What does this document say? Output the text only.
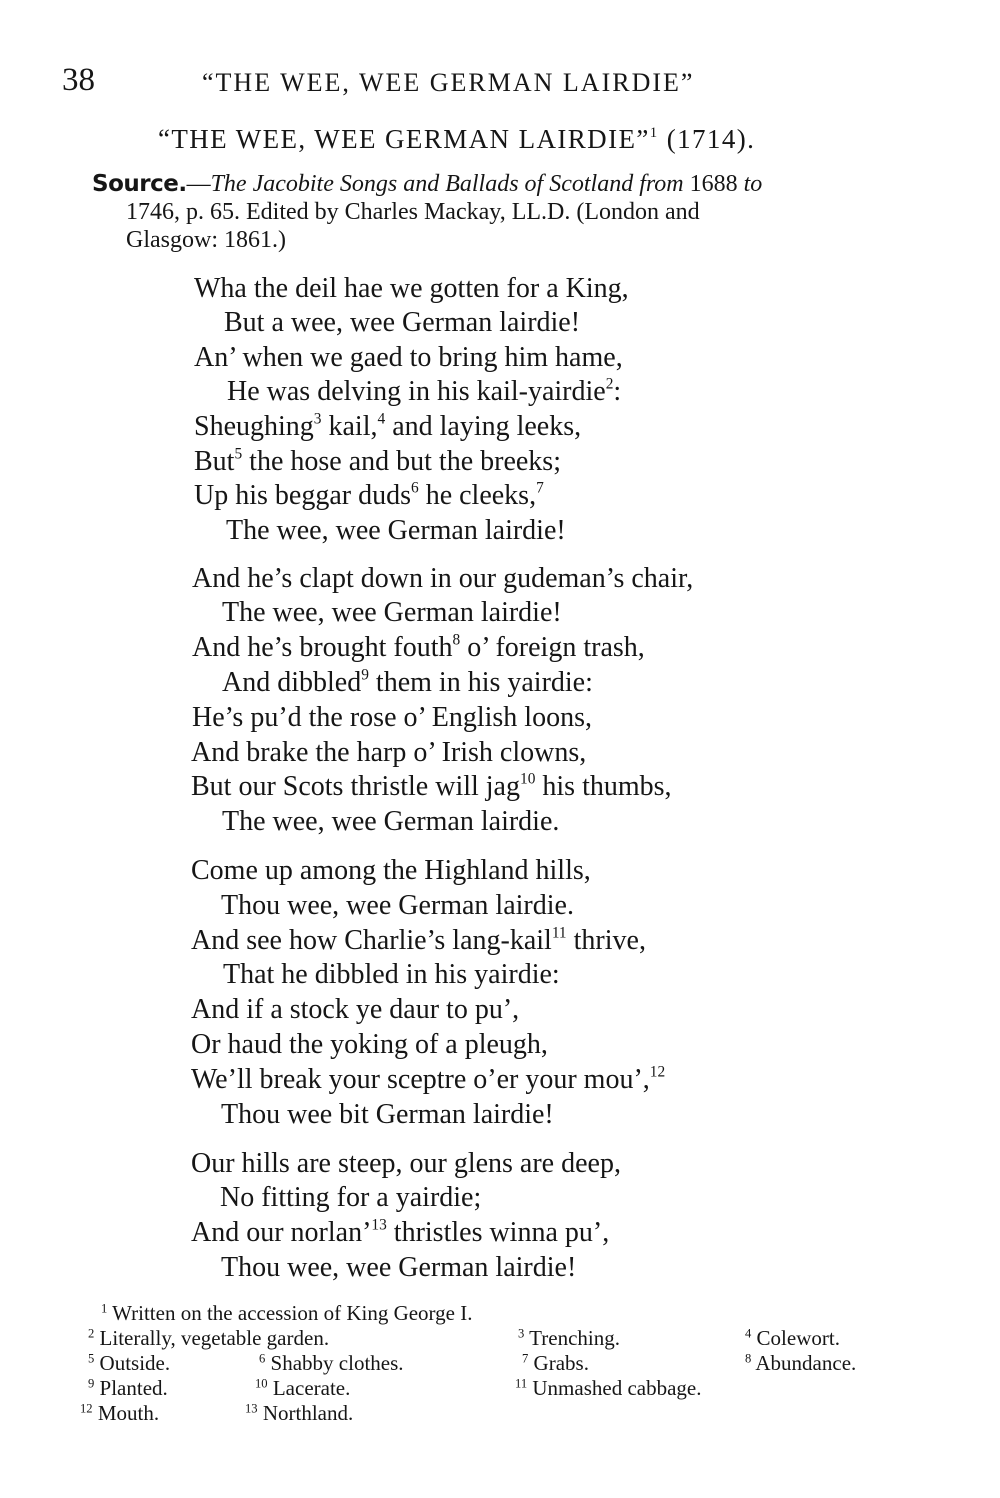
38	“THE WEE, WEE GERMAN LAIRDIE”
“THE WEE, WEE GERMAN LAIRDIE”$^1$ (1714).
Source.—The Jacobite Songs and Ballads of Scotland from 1688 to
1746, p. 65. Edited by Charles Mackay, LL.D. (London and
Glasgow: 1861.)
Wha the deil hae we gotten for a King,
But a wee, wee German lairdie!
An’ when we gaed to bring him hame,
He was delving in his kail-yairdie$^2$:
Sheughing$^3$ kail,$^4$ and laying leeks,
But$^5$ the hose and but the breeks;
Up his beggar duds$^6$ he cleeks,$^7$
The wee, wee German lairdie!
And he’s clapt down in our gudeman’s chair,
The wee, wee German lairdie!
And he’s brought fouth$^8$ o’ foreign trash,
And dibbled$^9$ them in his yairdie:
He’s pu’d the rose o’ English loons,
And brake the harp o’ Irish clowns,
But our Scots thristle will jag$^{10}$ his thumbs,
The wee, wee German lairdie.
Come up among the Highland hills,
Thou wee, wee German lairdie.
And see how Charlie’s lang-kail$^{11}$ thrive,
That he dibbled in his yairdie:
And if a stock ye daur to pu’,
Or haud the yoking of a pleugh,
We’ll break your sceptre o’er your mou’,$^{12}$
Thou wee bit German lairdie!
Our hills are steep, our glens are deep,
No fitting for a yairdie;
And our norlan’$^{13}$ thristles winna pu’,
Thou wee, wee German lairdie!
$^1$ Written on the accession of King George I.
$^2$ Literally, vegetable garden.	$^3$ Trenching.	$^4$ Colewort.
$^5$ Outside.	$^6$ Shabby clothes.	$^7$ Grabs.	$^8$ Abundance.
$^9$ Planted.	$^{10}$ Lacerate.	$^{11}$ Unmashed cabbage.
$^{12}$ Mouth.	$^{13}$ Northland.
